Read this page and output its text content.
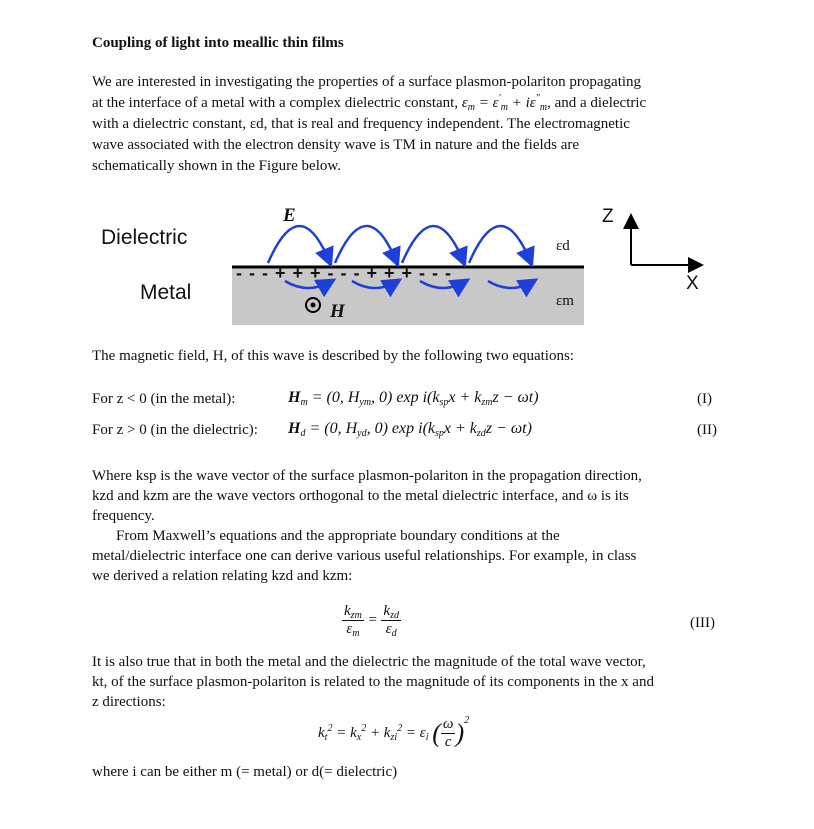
Coupling of light into meallic thin films
We are interested in investigating the properties of a surface plasmon-polariton propagating
at the interface of a metal with a complex dielectric constant, $\varepsilon_m = \varepsilon'_m + i\varepsilon''_m$, and a dielectric
with a dielectric constant, εd, that is real and frequency independent. The electromagnetic
wave associated with the electron density wave is TM in nature and the fields are
schematically shown in the Figure below.
Dielectric
Metal
E
H
- - - + + + - - - + + + - - -
εd
εm
Z
X
The magnetic field, H, of this wave is described by the following two equations:
For z < 0 (in the metal):	$H_m = (0$, $H_{ym}$, 0) $\exp i(k_{sp}x + k_{zm}z - \omega t)$	(I)
For z > 0 (in the dielectric): $H_d = (0$, $H_{yd}$, 0) $\exp i(k_{sp}x + k_{zd}z - \omega t)$	(II)
Where ksp is the wave vector of the surface plasmon-polariton in the propagation direction,
kzd and kzm are the wave vectors orthogonal to the metal dielectric interface, and ω is its
frequency.
From Maxwell’s equations and the appropriate boundary conditions at the
metal/dielectric interface one can derive various useful relationships. For example, in class
we derived a relation relating kzd and kzm:
$\frac{k_{zm}}{\varepsilon_m} = \frac{k_{zd}}{\varepsilon_d}$	(III)
It is also true that in both the metal and the dielectric the magnitude of the total wave vector,
kt, of the surface plasmon-polariton is related to the magnitude of its components in the x and
z directions:
$k_t^2 = k_x^2 + k_{zi}^2 = \varepsilon_i$ ( $\frac{\omega}{c} )^2$
where i can be either m (= metal) or d(= dielectric)
